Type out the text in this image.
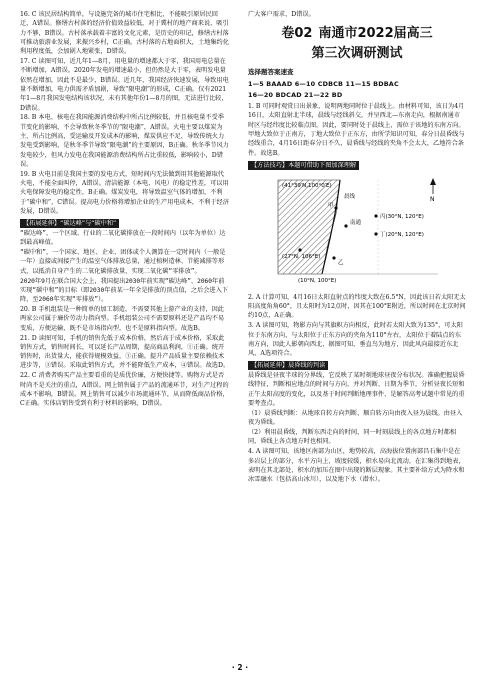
16. C 该民居结构简单，与设施完备的城市住宅相比，不能吸引原居民回迁，A错误。修缮古村落的经济价值效益较低，对于冀村的地产商来说，吸引力不够，B错误。古村落承载着丰富的文化元素，是历史的印记，修缮古村落可推动旅游业发展，来振兴乡村，C正确。古村落的占地面积大，土地集约化利用程度低，会加剧人地紧张，D错误。

17. C 读图可知，近几年1—8月，用电量的增速都大于零，我国用电总量在不断增加，A错误。2020年发电的增速最小，但仍然是大于零，表明发电量依然在增加，因此不是最少，B错误。近几年，我国经济快速发展，导致用电量不断增加，电力供需矛盾加剧，导致“限电潮”的形成，C正确。仅有2021年1—8月我国发电结构该状况，未有其他年份1—8月的图，无法进行比较，D错误。

18. B 本电、核电在我国能源消费结构中所占比例较低，并且核电量不受季节变化的影响，不会导致秋冬季节的“限电潮”，A错误。火电主要以煤炭为主，所占比例高，受运输及开发成本的影响，煤炭供应不足，导致传统火力发电受到影响，是秋冬季节导致“限电潮”的主要原因，B正确。秋冬季节风力发电较少，但风力发电在我国能源消费结构所占比重较低，影响较小，D错误。

19. B 火电目前是我国主要的发电方式，短时间内无法做到用其他能源取代火电，不能全面叫停，A错误。清洁能源（本电、风电）的稳定性差，可以用火电保障发电的稳定性，B正确。煤炭发电，将导致温室气体的增加，不利于“碳中和”，C错误。提高电力价格将增加企业的生产用电成本，不利于经济发展，D错误。

【拓展延伸】“碳达峰”与“碳中和”

“碳达峰”，一个区域、行业的二氧化碳排放在一段时间内（以年为单位）达到最高峰值。

“碳中和”，一个国家、地区、企业、团体或个人测算在一定时间内（一般是一年）直接或间接产生的温室气体排放总量，通过植树造林、节能减排等形式，以抵消自身产生的二氧化碳排放量，实现二氧化碳“零排放”。

2020年9月在联合国大会上，我国提出2030年前实现“碳达峰”、2060年前实现“碳中和”的目标（即2030年前某一年全是排放的顶点值，之后会进入下降，至2060年实现“零排放”）。

20. B 手机组装是一种简单的加工制造，不需要其他上游产业的支持，因此两家公司属于廉价劳动力指向型。手机组装公司不需要原料还是产品均不易变质，方便运输，既不是市场指向型，也不是原料指向型。故选B。

21. D 读图可知，手机的销售先低于成本价格，然后高于成本价格，采取此销售方式，销售时间长，可以延长产品周期，提高商品利润，①正确。统开销售时，出货量大，能获得规模效益，①正确。提升产品质量主要依赖技术进步等，③错误。采取此销售方式，并不能降低生产成本，④错误。故选D。

22. C 消费者购买产品主要看重的是质优价廉，方便快捷等。购物方式是否时尚不是关注的重点，A错误。网上销售属于产品的流通环节，对生产过程的成本不影响，B错误。网上销售可以减少市场流通环节，从而降低商品价格，C正确。实体店销售受到有利于材料的影响，D错误。

广大客户需求，D错误。

卷02 南通市2022届高三
第三次调研测试
选择题答案速查
1—5 BAAAD 6—10 CDBCB 11—15 BDBAC
16—20 BDCAD 21—22 BD

1. B 可同时观赏日出景象，说明两地同时位于晨线上。由材料可知，该日为4月16日，太阳直射北半球，晨线与经线斜交，并呈西北—东南走向，根据南通市时区与经纬度比较临点图，因此，要同时处于晨线上，需位于该地的东南方向。甲地大致位于正南方，丁地大致位于正东方，由所学知识可知，春分日晨昏线与经线重合，4月16日距春分日不久，晨昏线与经线的夹角不会太大，乙地符合条件。故选B。

【方法技巧】本题可借助下图加深理解
N
(41°39′N,100°0′E)
晨线
南通
丙(30°N, 120°E)
丁(20°N, 120°E)
甲
乙
(27°N, 106°E)
(10°N, 100°E)

2. A 计算可知，4月16日太阳直射点的纬度大致在6.5°N，因此该日若太阳无太阳高度角角60°，且太阳时为12点时，因其在100°E附近，所以时间在北京时间约10点，A正确。

3. A 读图可知，物影方向与其旗帜方向相反，此时若太阳大致为135°，可太阳位于东南方向，与太阳位于正东方向的夹角为110°左右，太阳位于着陆点的东南方向，因此人影朝向西北，据图可知，垂直鸟为地方，因此风向最接近东北风，A选项符合。

【拓展延伸】晨昏线的判读

晨昏线是昼夜半球的分界线，它反映了某时刻地球昼夜分布状况。准确把握晨昏线特征，判断相应地点的时间与方向，并对判断、日期为季节，分析昼夜长短和正午太阳高度的变化，以及基于时间判断地理事件、是解答高考试题中常见的重要考查点。

（1）晨昏线判断：从地球自转方向判断，顺自转方向由夜入昼为晨线。由昼入夜为昏线。

（2）利用晨昏线，判断东西走向的时间，同一时刻晨线上的各点地方时都相同，昏线上各点地方时也相同。

4. A 读图可知，该地区南部为山区，地势较高，高海拔位置南部昌石集中是在多岩层上的部分，水平方向上，坡度较缓，积水易向北流动，在汇集得到地表，表明在其北部处，积水的加压在图中出现的断层现象。其主要补给方式为降水和冰雪融水（包括高山冰川），以及地下水（潜水）。

· 2 ·
